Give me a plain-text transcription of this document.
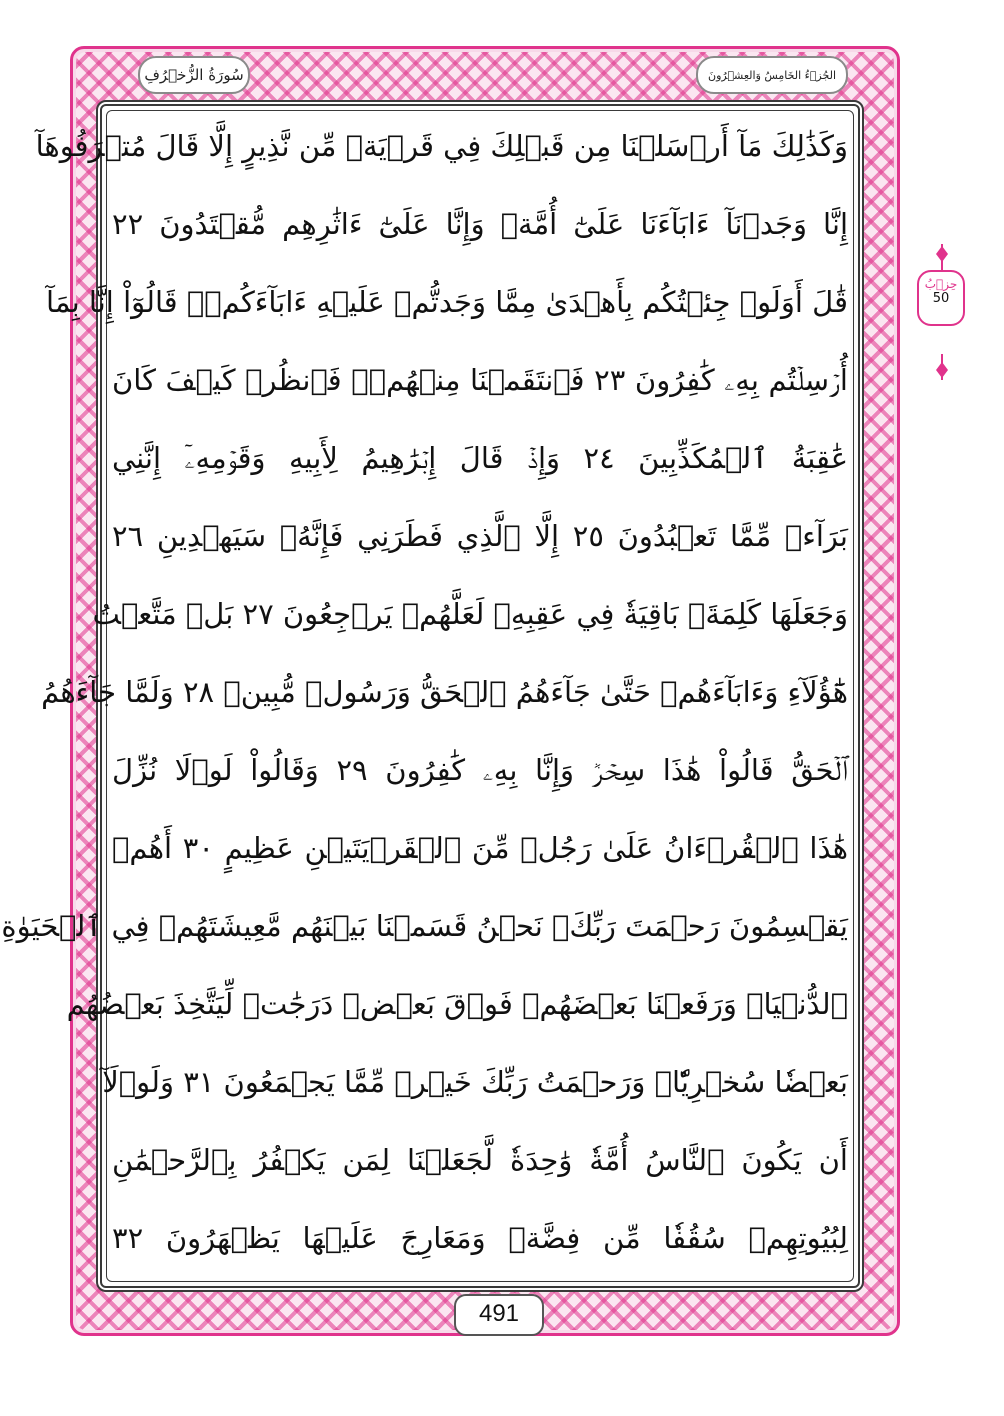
سُورَةُ الزُّخۡرُفِ	الجُزۡءُ الخَامِسُ وَالعِشۡرُونَ
وَكَذَٰلِكَ مَآ أَرۡسَلۡنَا مِن قَبۡلِكَ فِي قَرۡيَةٖ مِّن نَّذِيرٍ إِلَّا قَالَ مُتۡرَفُوهَآ
إِنَّا وَجَدۡنَآ ءَابَآءَنَا عَلَىٰٓ أُمَّةٖ وَإِنَّا عَلَىٰٓ ءَاثَٰرِهِم مُّقۡتَدُونَ ٢٢
قَٰلَ أَوَلَوۡ جِئۡتُكُم بِأَهۡدَىٰ مِمَّا وَجَدتُّمۡ عَلَيۡهِ ءَابَآءَكُمۡۖ قَالُوٓاْ إِنَّا بِمَآ
أُرۡسِلۡتُم بِهِۦ كَٰفِرُونَ ٢٣ فَٱنتَقَمۡنَا مِنۡهُمۡۖ فَٱنظُرۡ كَيۡفَ كَانَ
عَٰقِبَةُ ٱلۡمُكَذِّبِينَ ٢٤ وَإِذۡ قَالَ إِبۡرَٰهِيمُ لِأَبِيهِ وَقَوۡمِهِۦٓ إِنَّنِي
بَرَآءٞ مِّمَّا تَعۡبُدُونَ ٢٥ إِلَّا ٱلَّذِي فَطَرَنِي فَإِنَّهُۥ سَيَهۡدِينِ ٢٦
وَجَعَلَهَا كَلِمَةَۢ بَاقِيَةٗ فِي عَقِبِهِۦ لَعَلَّهُمۡ يَرۡجِعُونَ ٢٧ بَلۡ مَتَّعۡتُ
هَٰٓؤُلَآءِ وَءَابَآءَهُمۡ حَتَّىٰ جَآءَهُمُ ٱلۡحَقُّ وَرَسُولٞ مُّبِينٞ ٢٨ وَلَمَّا جَآءَهُمُ
ٱلۡحَقُّ قَالُواْ هَٰذَا سِحۡرٞ وَإِنَّا بِهِۦ كَٰفِرُونَ ٢٩ وَقَالُواْ لَوۡلَا نُزِّلَ
هَٰذَا ٱلۡقُرۡءَانُ عَلَىٰ رَجُلٖ مِّنَ ٱلۡقَرۡيَتَيۡنِ عَظِيمٍ ٣٠ أَهُمۡ
يَقۡسِمُونَ رَحۡمَتَ رَبِّكَۚ نَحۡنُ قَسَمۡنَا بَيۡنَهُم مَّعِيشَتَهُمۡ فِي ٱلۡحَيَوٰةِ
ٱلدُّنۡيَاۚ وَرَفَعۡنَا بَعۡضَهُمۡ فَوۡقَ بَعۡضٖ دَرَجَٰتٖ لِّيَتَّخِذَ بَعۡضُهُم
بَعۡضٗا سُخۡرِيّٗاۗ وَرَحۡمَتُ رَبِّكَ خَيۡرٞ مِّمَّا يَجۡمَعُونَ ٣١ وَلَوۡلَآ
أَن يَكُونَ ٱلنَّاسُ أُمَّةٗ وَٰحِدَةٗ لَّجَعَلۡنَا لِمَن يَكۡفُرُ بِٱلرَّحۡمَٰنِ
لِبُيُوتِهِمۡ سُقُفٗا مِّن فِضَّةٖ وَمَعَارِجَ عَلَيۡهَا يَظۡهَرُونَ ٣٢
حِزۡبُ
50
491
